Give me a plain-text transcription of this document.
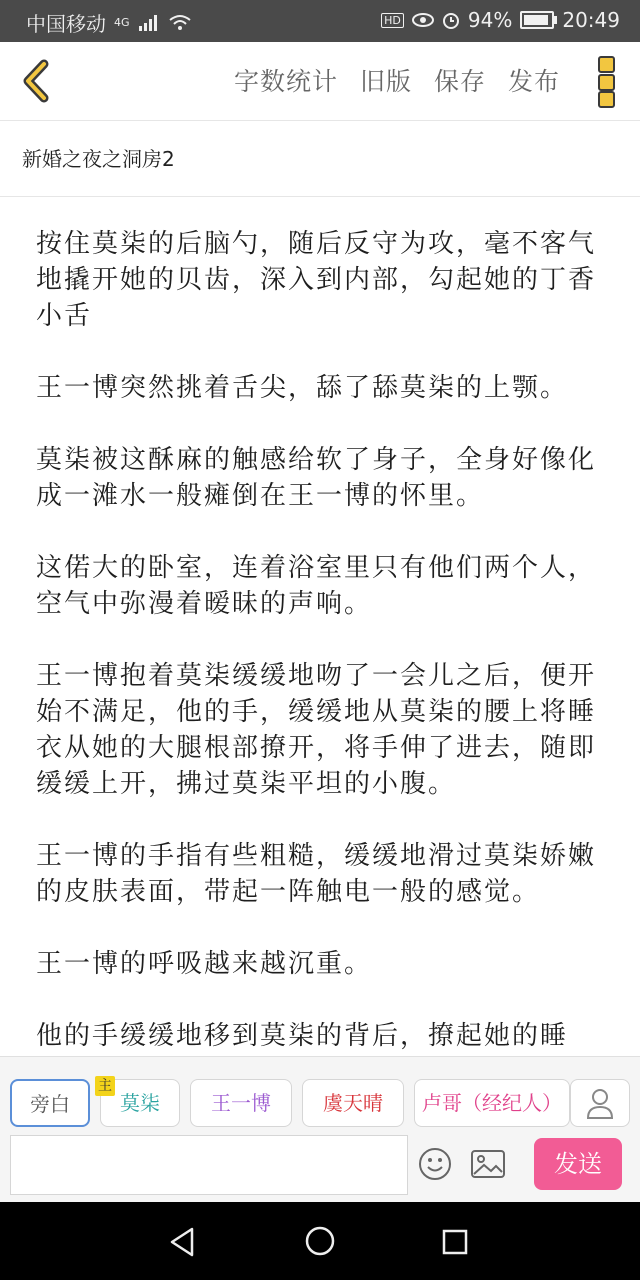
中国移动 4G	HD	94%	20:49
字数统计 旧版 保存 发布
新婚之夜之洞房2

按住莫柒的后脑勺，随后反守为攻，毫不客气地撬开她的贝齿，深入到内部，勾起她的丁香小舌

王一博突然挑着舌尖，舔了舔莫柒的上颚。

莫柒被这酥麻的触感给软了身子，全身好像化成一滩水一般瘫倒在王一博的怀里。

这偌大的卧室，连着浴室里只有他们两个人，空气中弥漫着暧昧的声响。

王一博抱着莫柒缓缓地吻了一会儿之后，便开始不满足，他的手，缓缓地从莫柒的腰上将睡衣从她的大腿根部撩开，将手伸了进去，随即缓缓上开，拂过莫柒平坦的小腹。

王一博的手指有些粗糙，缓缓地滑过莫柒娇嫩的皮肤表面，带起一阵触电一般的感觉。

王一博的呼吸越来越沉重。

他的手缓缓地移到莫柒的背后，撩起她的睡

旁白
主
莫柒	王一博	虞天晴	卢哥（经纪人）
发送
